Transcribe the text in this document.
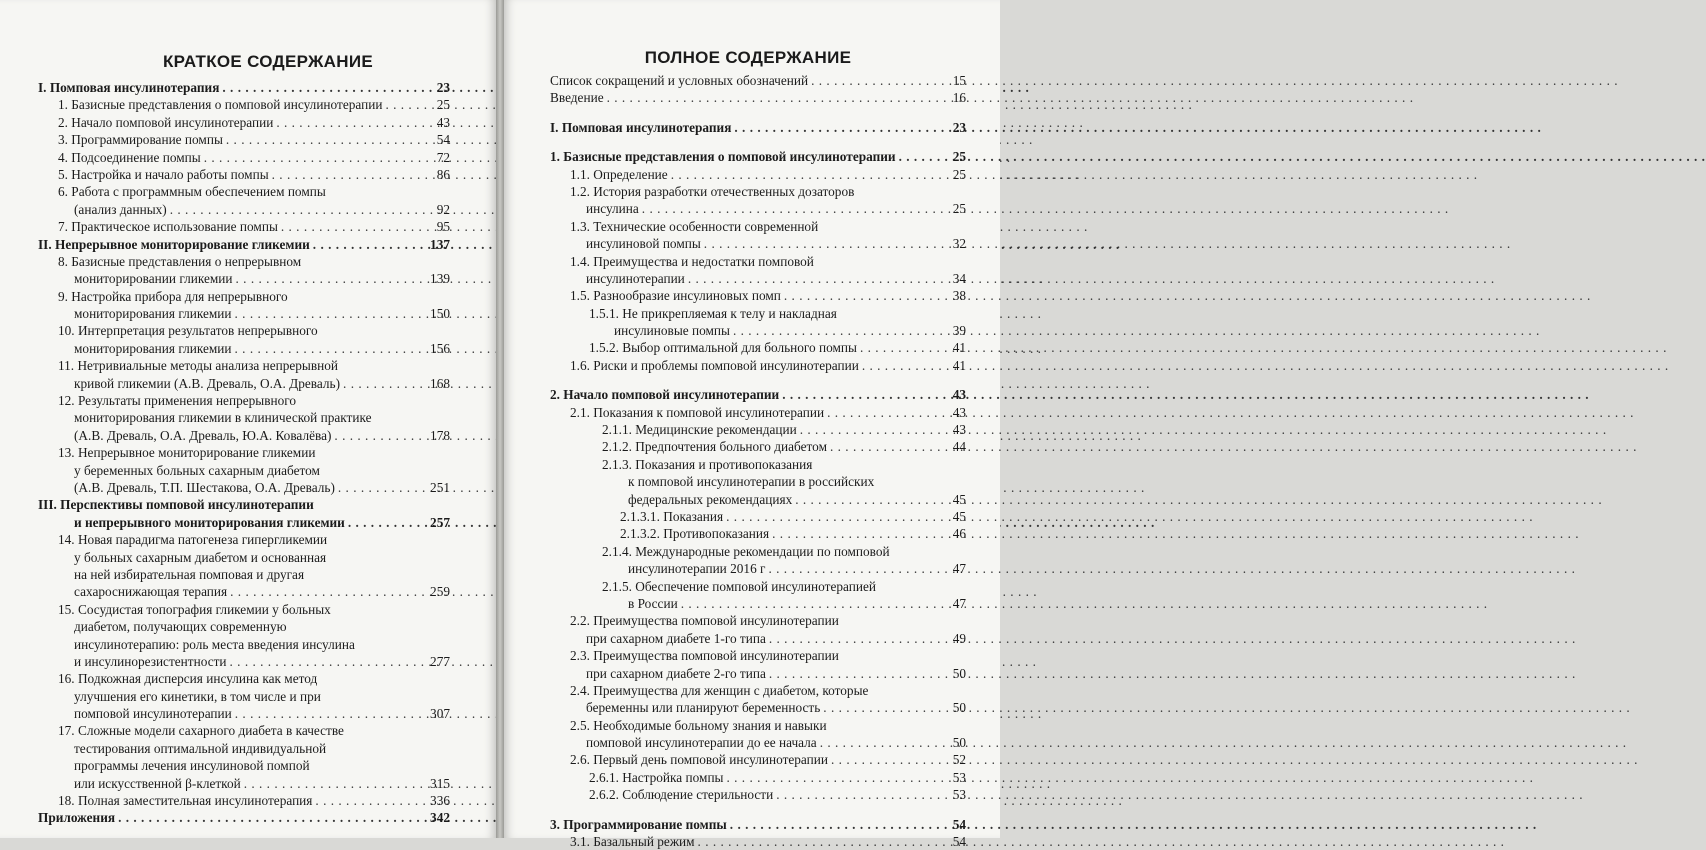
КРАТКОЕ СОДЕРЖАНИЕ
I. Помповая инсулинотерапия . . .	23
1. Базисные представления о помповой инсулинотерапии . . .	25
2. Начало помповой инсулинотерапии . . .	43
3. Программирование помпы . . .	54
4. Подсоединение помпы . . .	72
5. Настройка и начало работы помпы . . .	86
6. Работа с программным обеспечением помпы
(анализ данных) . . .	92
7. Практическое использование помпы . . .	95
II. Непрерывное мониторирование гликемии . . .	137
8. Базисные представления о непрерывном
мониторировании гликемии . . .	139
9. Настройка прибора для непрерывного
мониторирования гликемии . . .	150
10. Интерпретация результатов непрерывного
мониторирования гликемии . . .	156
11. Нетривиальные методы анализа непрерывной
кривой гликемии (А.В. Древаль, О.А. Древаль) . . .	168
12. Результаты применения непрерывного
мониторирования гликемии в клинической практике
(А.В. Древаль, О.А. Древаль, Ю.А. Ковалёва) . . .	178
13. Непрерывное мониторирование гликемии
у беременных больных сахарным диабетом
(А.В. Древаль, Т.П. Шестакова, О.А. Древаль) . . .	251
III. Перспективы помповой инсулинотерапии
и непрерывного мониторирования гликемии . . .	257
14. Новая парадигма патогенеза гипергликемии
у больных сахарным диабетом и основанная
на ней избирательная помповая и другая
сахароснижающая терапия . . .	259
15. Сосудистая топография гликемии у больных
диабетом, получающих современную
инсулинотерапию: роль места введения инсулина
и инсулинорезистентности . . .	277
16. Подкожная дисперсия инсулина как метод
улучшения его кинетики, в том числе и при
помповой инсулинотерапии . . .	307
17. Сложные модели сахарного диабета в качестве
тестирования оптимальной индивидуальной
программы лечения инсулиновой помпой
или искусственной β-клеткой . . .	315
18. Полная заместительная инсулинотерапия . . .	336
Приложения . . .	342
ПОЛНОЕ СОДЕРЖАНИЕ
Список сокращений и условных обозначений . . .	15
Введение . . .	16
I. Помповая инсулинотерапия . . .	23
1. Базисные представления о помповой инсулинотерапии . . .	25
1.1. Определение . . .	25
1.2. История разработки отечественных дозаторов
инсулина . . .	25
1.3. Технические особенности современной
инсулиновой помпы . . .	32
1.4. Преимущества и недостатки помповой
инсулинотерапии . . .	34
1.5. Разнообразие инсулиновых помп . . .	38
1.5.1. Не прикрепляемая к телу и накладная
инсулиновые помпы . . .	39
1.5.2. Выбор оптимальной для больного помпы . . .	41
1.6. Риски и проблемы помповой инсулинотерапии . . .	41
2. Начало помповой инсулинотерапии . . .	43
2.1. Показания к помповой инсулинотерапии . . .	43
2.1.1. Медицинские рекомендации . . .	43
2.1.2. Предпочтения больного диабетом . . .	44
2.1.3. Показания и противопоказания
к помповой инсулинотерапии в российских
федеральных рекомендациях . . .	45
2.1.3.1. Показания . . .	45
2.1.3.2. Противопоказания . . .	46
2.1.4. Международные рекомендации по помповой
инсулинотерапии 2016 г . . .	47
2.1.5. Обеспечение помповой инсулинотерапией
в России . . .	47
2.2. Преимущества помповой инсулинотерапии
при сахарном диабете 1-го типа . . .	49
2.3. Преимущества помповой инсулинотерапии
при сахарном диабете 2-го типа . . .	50
2.4. Преимущества для женщин с диабетом, которые
беременны или планируют беременность . . .	50
2.5. Необходимые больному знания и навыки
помповой инсулинотерапии до ее начала . . .	50
2.6. Первый день помповой инсулинотерапии . . .	52
2.6.1. Настройка помпы . . .	53
2.6.2. Соблюдение стерильности . . .	53
3. Программирование помпы . . .	54
3.1. Базальный режим . . .	54
